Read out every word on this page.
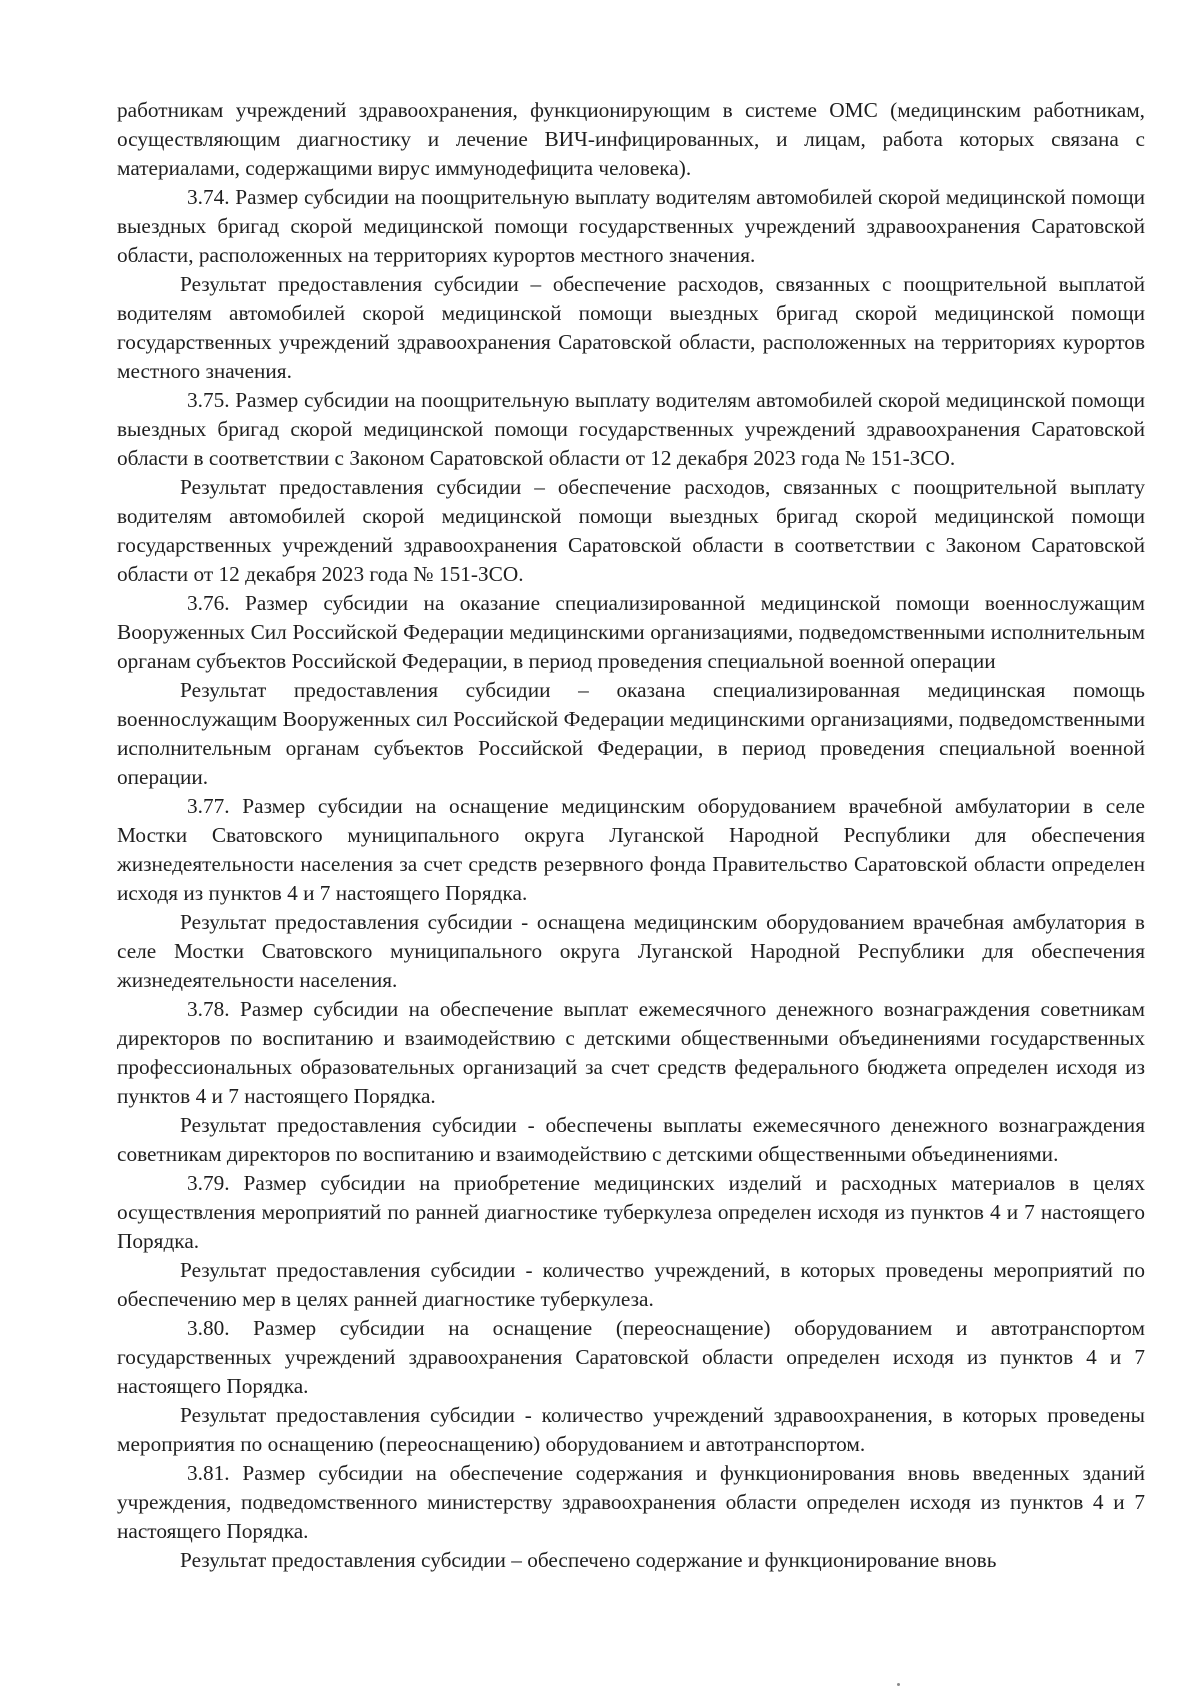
работникам учреждений здравоохранения, функционирующим в системе ОМС (медицинским работникам, осуществляющим диагностику и лечение ВИЧ-инфицированных, и лицам, работа которых связана с материалами, содержащими вирус иммунодефицита человека).

3.74. Размер субсидии на поощрительную выплату водителям автомобилей скорой медицинской помощи выездных бригад скорой медицинской помощи государственных учреждений здравоохранения Саратовской области, расположенных на территориях курортов местного значения.

Результат предоставления субсидии – обеспечение расходов, связанных с поощрительной выплатой водителям автомобилей скорой медицинской помощи выездных бригад скорой медицинской помощи государственных учреждений здравоохранения Саратовской области, расположенных на территориях курортов местного значения.

3.75. Размер субсидии на поощрительную выплату водителям автомобилей скорой медицинской помощи выездных бригад скорой медицинской помощи государственных учреждений здравоохранения Саратовской области в соответствии с Законом Саратовской области от 12 декабря 2023 года № 151-ЗСО.

Результат предоставления субсидии – обеспечение расходов, связанных с поощрительной выплату водителям автомобилей скорой медицинской помощи выездных бригад скорой медицинской помощи государственных учреждений здравоохранения Саратовской области в соответствии с Законом Саратовской области от 12 декабря 2023 года № 151-ЗСО.

3.76. Размер субсидии на оказание специализированной медицинской помощи военнослужащим Вооруженных Сил Российской Федерации медицинскими организациями, подведомственными исполнительным органам субъектов Российской Федерации, в период проведения специальной военной операции

Результат предоставления субсидии – оказана специализированная медицинская помощь военнослужащим Вооруженных сил Российской Федерации медицинскими организациями, подведомственными исполнительным органам субъектов Российской Федерации, в период проведения специальной военной операции.

3.77. Размер субсидии на оснащение медицинским оборудованием врачебной амбулатории в селе Мостки Сватовского муниципального округа Луганской Народной Республики для обеспечения жизнедеятельности населения за счет средств резервного фонда Правительство Саратовской области определен исходя из пунктов 4 и 7 настоящего Порядка.

Результат предоставления субсидии - оснащена медицинским оборудованием врачебная амбулатория в селе Мостки Сватовского муниципального округа Луганской Народной Республики для обеспечения жизнедеятельности населения.

3.78. Размер субсидии на обеспечение выплат ежемесячного денежного вознаграждения советникам директоров по воспитанию и взаимодействию с детскими общественными объединениями государственных профессиональных образовательных организаций за счет средств федерального бюджета определен исходя из пунктов 4 и 7 настоящего Порядка.

Результат предоставления субсидии - обеспечены выплаты ежемесячного денежного вознаграждения советникам директоров по воспитанию и взаимодействию с детскими общественными объединениями.

3.79. Размер субсидии на приобретение медицинских изделий и расходных материалов в целях осуществления мероприятий по ранней диагностике туберкулеза определен исходя из пунктов 4 и 7 настоящего Порядка.

Результат предоставления субсидии - количество учреждений, в которых проведены мероприятий по обеспечению мер в целях ранней диагностике туберкулеза.

3.80. Размер субсидии на оснащение (переоснащение) оборудованием и автотранспортом государственных учреждений здравоохранения Саратовской области определен исходя из пунктов 4 и 7 настоящего Порядка.

Результат предоставления субсидии - количество учреждений здравоохранения, в которых проведены мероприятия по оснащению (переоснащению) оборудованием и автотранспортом.

3.81. Размер субсидии на обеспечение содержания и функционирования вновь введенных зданий учреждения, подведомственного министерству здравоохранения области определен исходя из пунктов 4 и 7 настоящего Порядка.

Результат предоставления субсидии – обеспечено содержание и функционирование вновь
